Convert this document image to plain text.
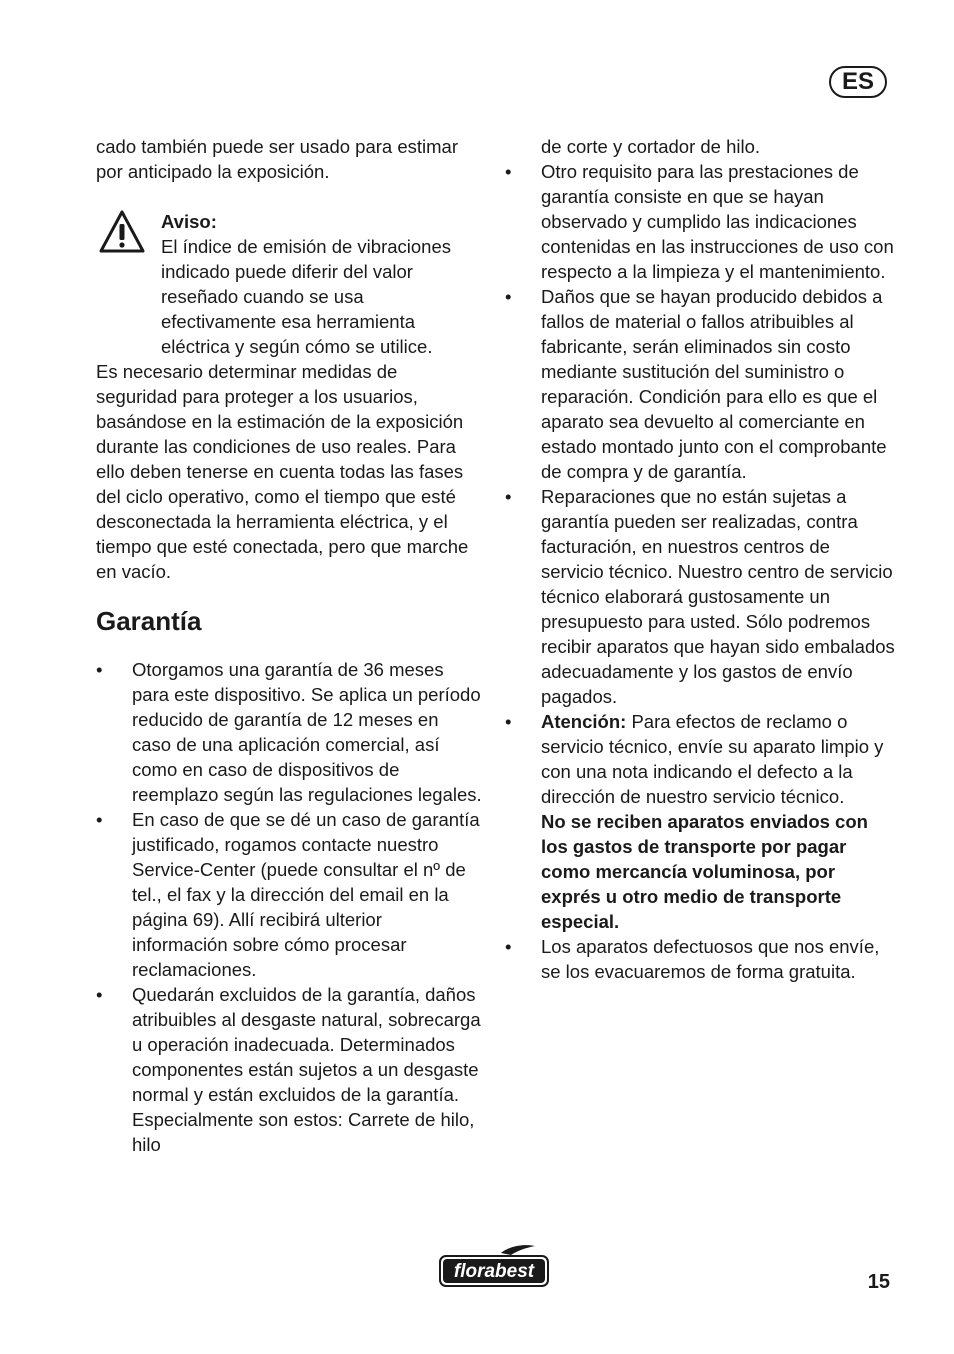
ES

cado también puede ser usado para estimar por anticipado la exposición.

Aviso:

El índice de emisión de vibraciones indicado puede diferir del valor reseñado cuando se usa efectivamente esa herramienta eléctrica y según cómo se utilice.

Es necesario determinar medidas de seguridad para proteger a los usuarios, basándose en la estimación de la exposición durante las condiciones de uso reales. Para ello deben tenerse en cuenta todas las fases del ciclo operativo, como el tiempo que esté desconectada la herramienta eléctrica, y el tiempo que esté conectada, pero que marche en vacío.

Garantía
• Otorgamos una garantía de 36 meses para este dispositivo. Se aplica un período reducido de garantía de 12 meses en caso de una aplicación comercial, así como en caso de dispositivos de reemplazo según las regulaciones legales.
• En caso de que se dé un caso de garantía justificado, rogamos contacte nuestro Service-Center (puede consultar el nº de tel., el fax y la dirección del email en la página 69). Allí recibirá ulterior información sobre cómo procesar reclamaciones.
• Quedarán excluidos de la garantía, daños atribuibles al desgaste natural, sobrecarga u operación inadecuada. Determinados componentes están sujetos a un desgaste normal y están excluidos de la garantía. Especialmente son estos: Carrete de hilo, hilo

de corte y cortador de hilo.

• Otro requisito para las prestaciones de garantía consiste en que se hayan observado y cumplido las indicaciones contenidas en las instrucciones de uso con respecto a la limpieza y el mantenimiento.
• Daños que se hayan producido debidos a fallos de material o fallos atribuibles al fabricante, serán eliminados sin costo mediante sustitución del suministro o reparación. Condición para ello es que el aparato sea devuelto al comerciante en estado montado junto con el comprobante de compra y de garantía.
• Reparaciones que no están sujetas a garantía pueden ser realizadas, contra facturación, en nuestros centros de servicio técnico. Nuestro centro de servicio técnico elaborará gustosamente un presupuesto para usted. Sólo podremos recibir aparatos que hayan sido embalados adecuadamente y los gastos de envío pagados.
• Atención: Para efectos de reclamo o servicio técnico, envíe su aparato limpio y con una nota indicando el defecto a la dirección de nuestro servicio técnico.
No se reciben aparatos enviados con los gastos de transporte por pagar como mercancía voluminosa, por exprés u otro medio de transporte especial.
• Los aparatos defectuosos que nos envíe, se los evacuaremos de forma gratuita.
florabest	15
